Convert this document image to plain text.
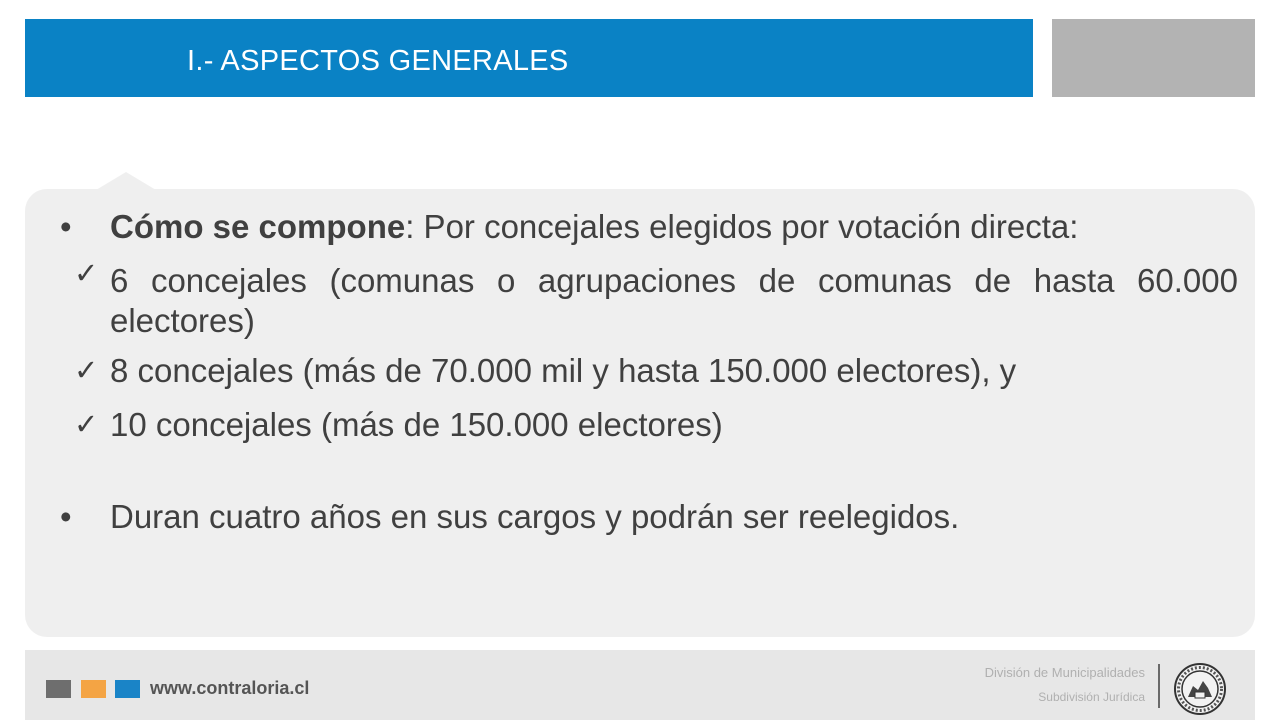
I.- ASPECTOS GENERALES
•	Cómo se compone: Por concejales elegidos por votación directa:
✓ 6 concejales (comunas o agrupaciones de comunas de hasta 60.000 electores)
✓ 8 concejales (más de 70.000 mil y hasta 150.000 electores), y
✓ 10 concejales (más de 150.000 electores)
•	Duran cuatro años en sus cargos y podrán ser reelegidos.
www.contraloria.cl
División de Municipalidades
Subdivisión Jurídica
